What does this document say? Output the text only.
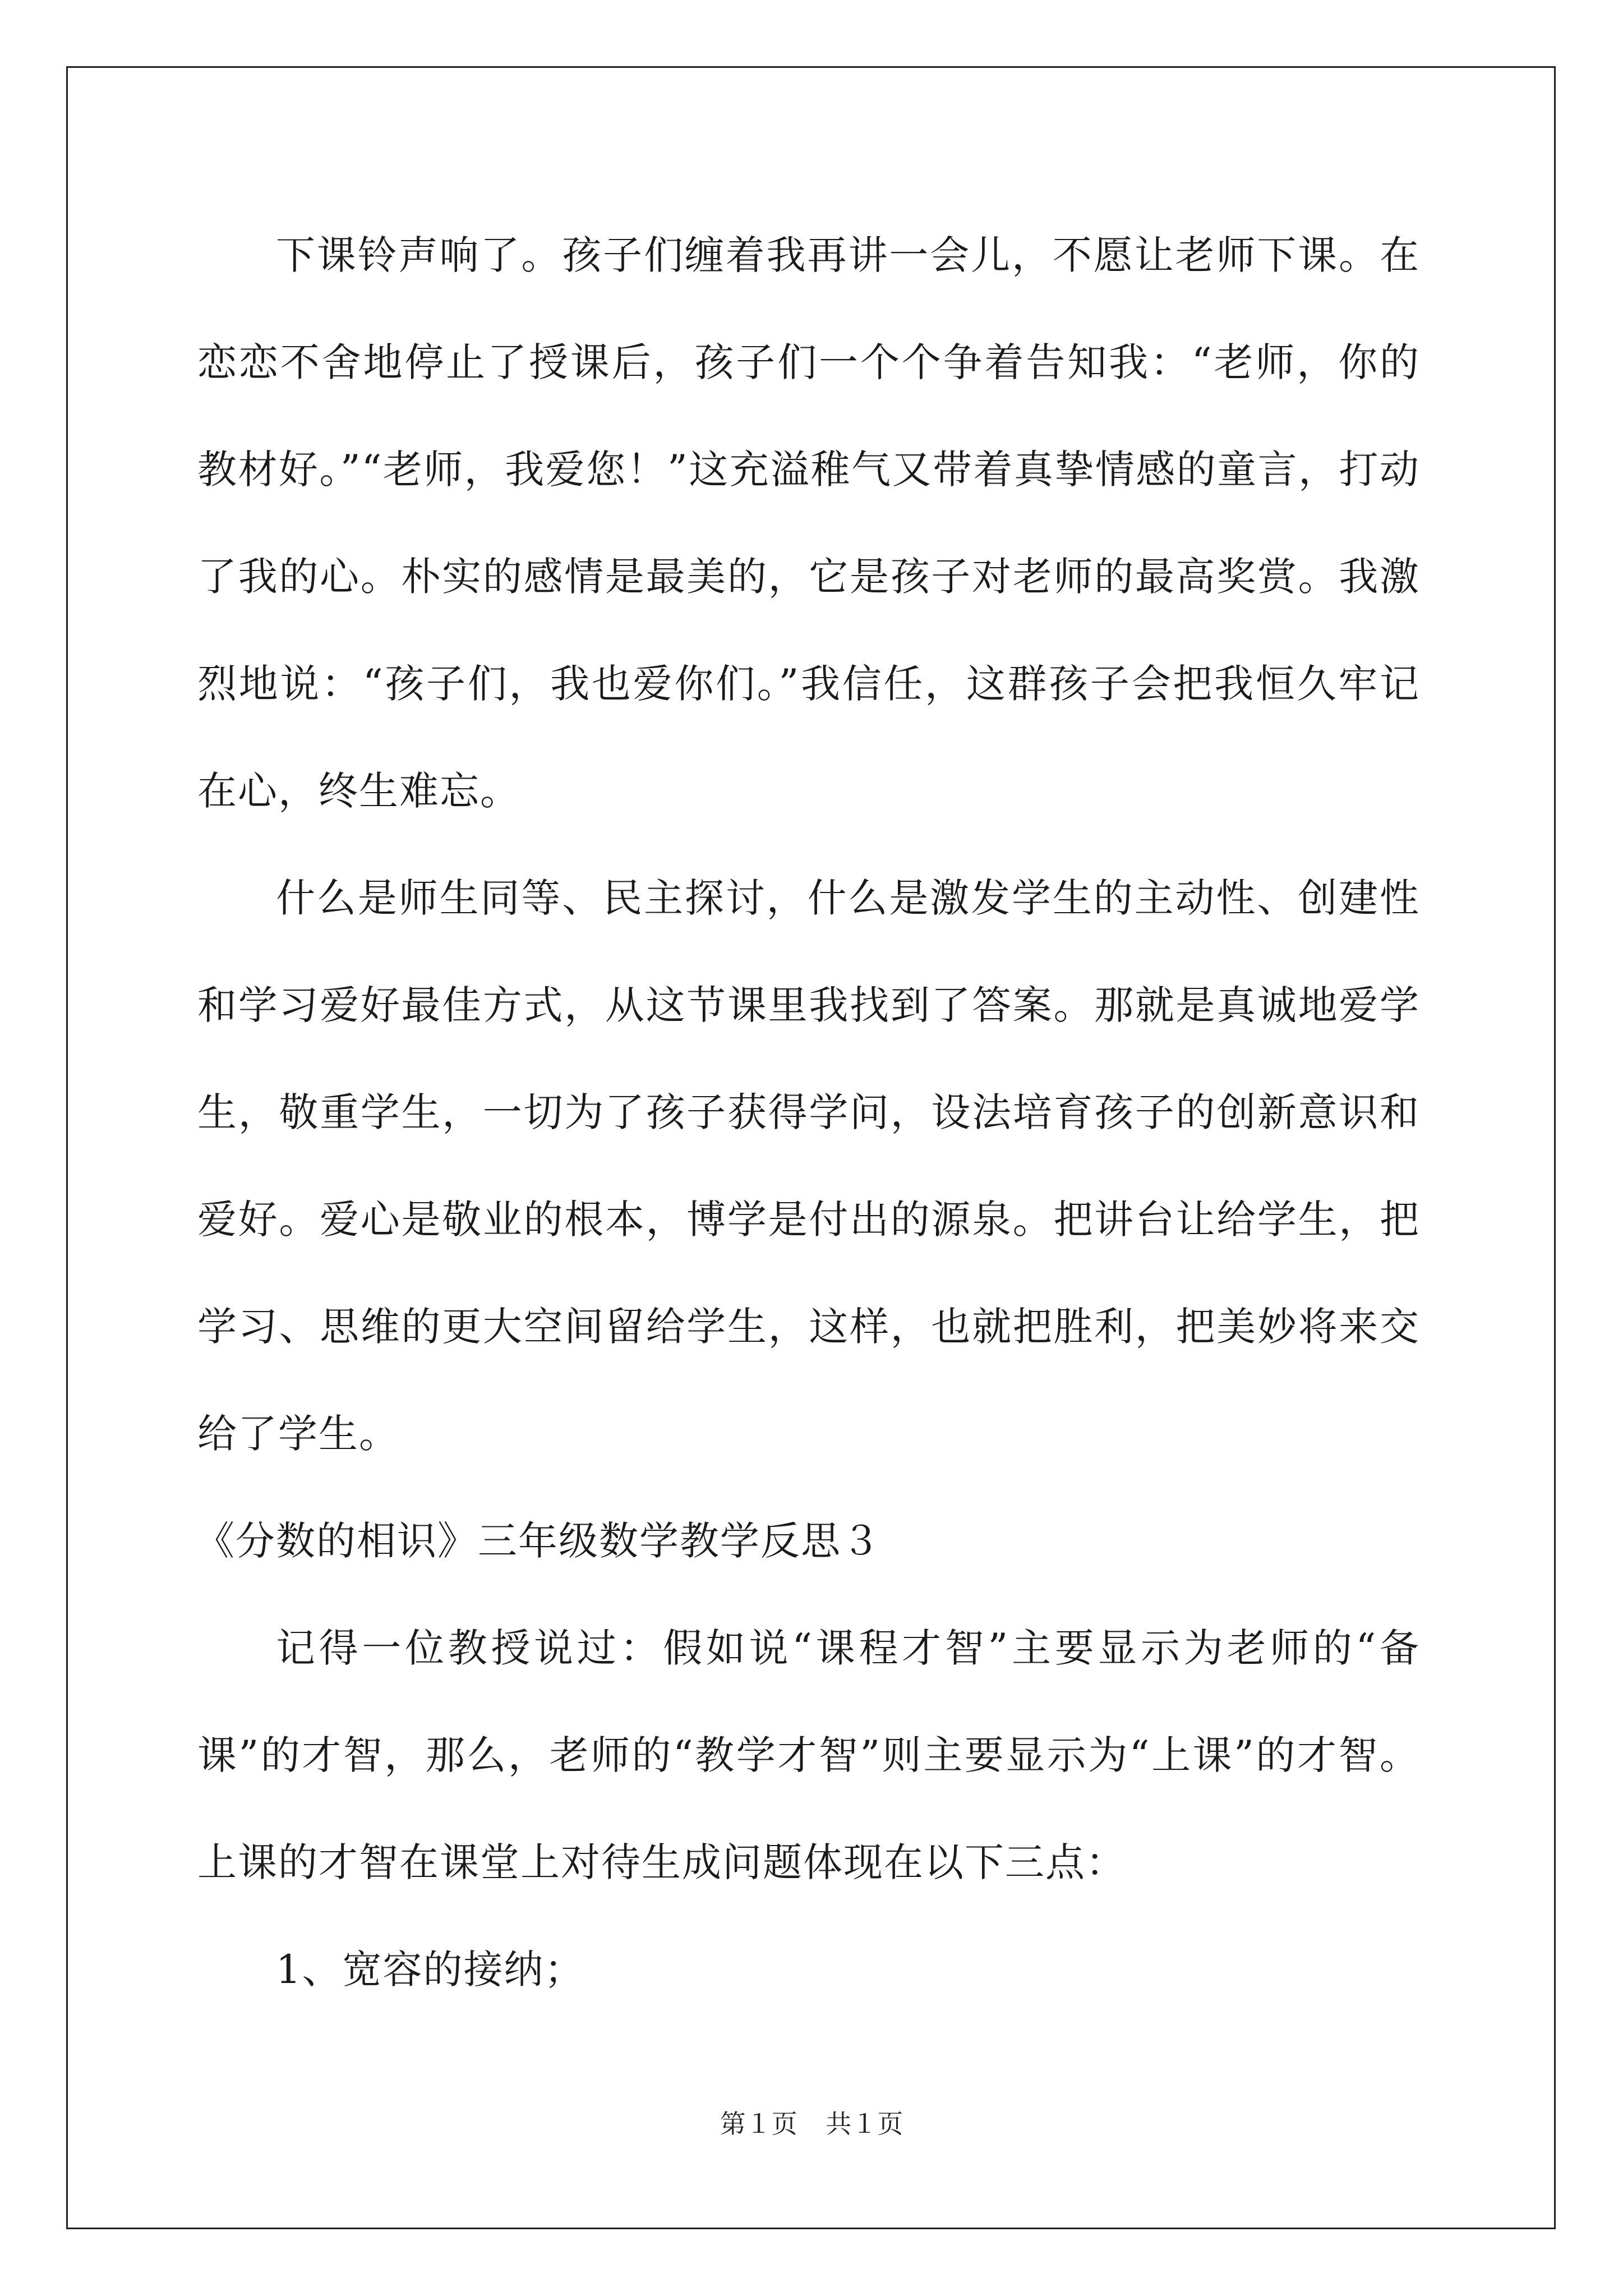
下课铃声响了。孩子们缠着我再讲一会儿，不愿让老师下课。在恋恋不舍地停止了授课后，孩子们一个个争着告知我：“老师，你的教材好。”“老师，我爱您！”这充溢稚气又带着真挚情感的童言，打动了我的心。朴实的感情是最美的，它是孩子对老师的最高奖赏。我激烈地说：“孩子们，我也爱你们。”我信任，这群孩子会把我恒久牢记在心，终生难忘。

什么是师生同等、民主探讨，什么是激发学生的主动性、创建性和学习爱好最佳方式，从这节课里我找到了答案。那就是真诚地爱学生，敬重学生，一切为了孩子获得学问，设法培育孩子的创新意识和爱好。爱心是敬业的根本，博学是付出的源泉。把讲台让给学生，把学习、思维的更大空间留给学生，这样，也就把胜利，把美妙将来交给了学生。

《分数的相识》三年级数学教学反思３

记得一位教授说过：假如说“课程才智”主要显示为老师的“备课”的才智，那么，老师的“教学才智”则主要显示为“上课”的才智。上课的才智在课堂上对待生成问题体现在以下三点：

1、宽容的接纳；

第１页 共１页
